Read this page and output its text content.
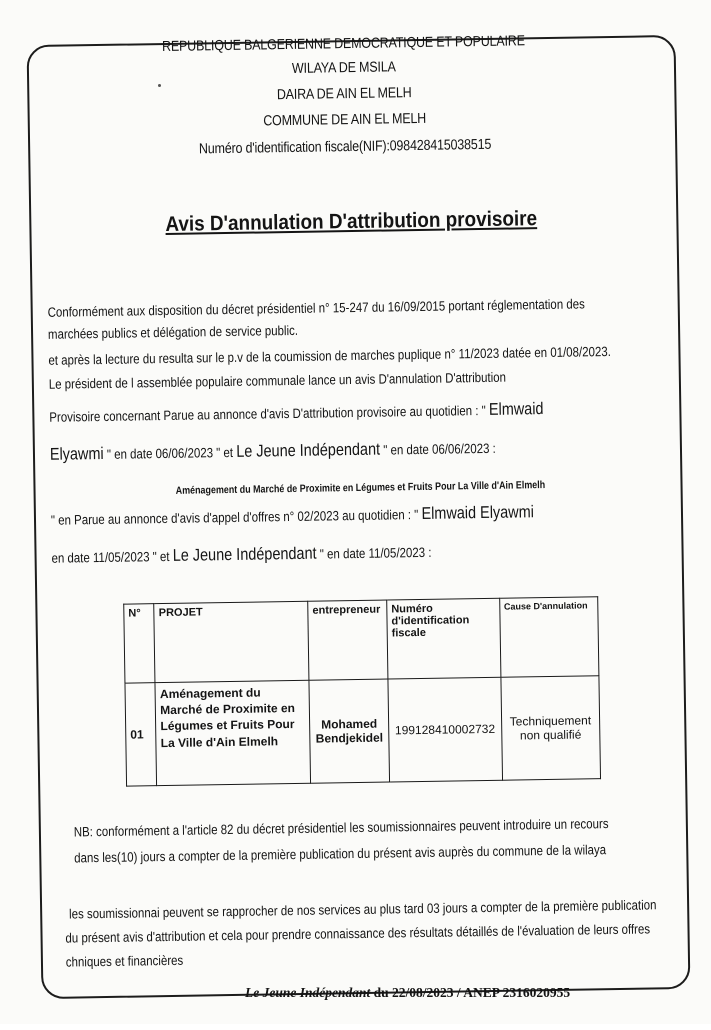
REPUBLIQUE BALGERIENNE DEMOCRATIQUE ET POPULAIRE
WILAYA DE MSILA
DAIRA DE AIN EL MELH
COMMUNE DE AIN EL MELH
Numéro d'identification fiscale(NIF):098428415038515
Avis D'annulation D'attribution provisoire
Conformément aux disposition du décret présidentiel n° 15-247 du 16/09/2015 portant réglementation des
marchées publics et délégation de service public.
et après la lecture du resulta sur le p.v de la coumission de marches puplique n° 11/2023 datée en 01/08/2023.
Le président de l assemblée populaire communale lance un avis D'annulation D'attribution
Provisoire concernant Parue au annonce d'avis D'attribution provisoire au quotidien : " Elmwaid
Elyawmi " en date 06/06/2023 " et Le Jeune Indépendant " en date 06/06/2023 :
Aménagement du Marché de Proximite en Légumes et Fruits Pour La Ville d'Ain Elmelh
" en Parue au annonce d'avis d'appel d'offres n° 02/2023 au quotidien : " Elmwaid Elyawmi
en date 11/05/2023 " et Le Jeune Indépendant " en date 11/05/2023 :
N°	PROJET	entrepreneur	Numéro d'identification fiscale	Cause D'annulation
01	Aménagement du Marché de Proximite en Légumes et Fruits Pour La Ville d'Ain Elmelh	Mohamed Bendjekidel	199128410002732	Techniquement non qualifié
NB: conformément a l'article 82 du décret présidentiel les soumissionnaires peuvent introduire un recours
dans les(10) jours a compter de la première publication du présent avis auprès du commune de la wilaya
les soumissionnai peuvent se rapprocher de nos services au plus tard 03 jours a compter de la première publication
du présent avis d'attribution et cela pour prendre connaissance des résultats détaillés de l'évaluation de leurs offres
chniques et financières
Le Jeune Indépendant du 22/08/2023 / ANEP 2316020955
